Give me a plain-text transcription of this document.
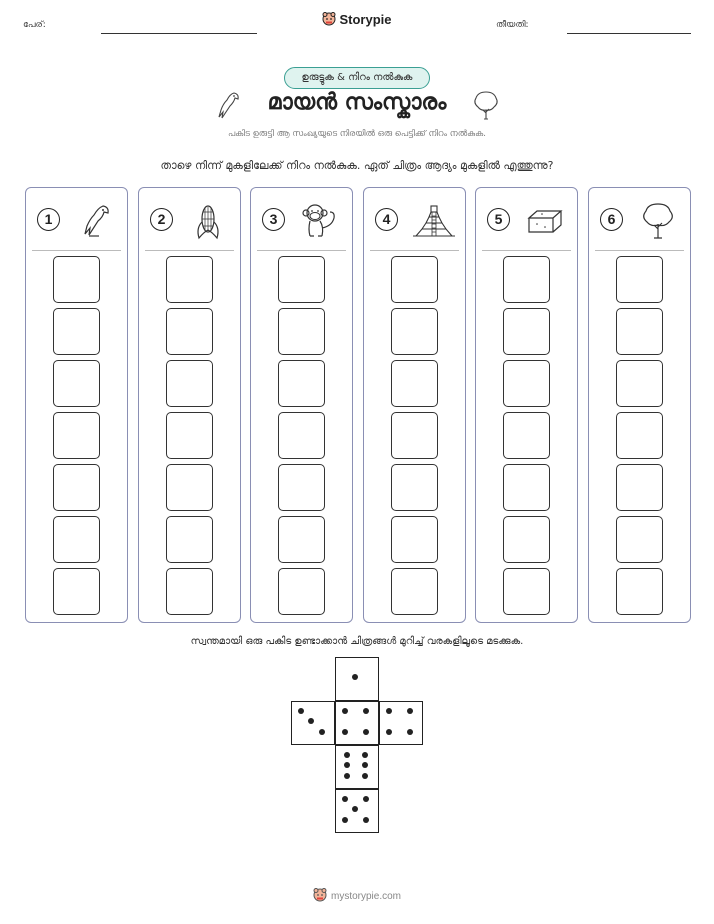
പേര്:	Storypie	തീയതി:
ഉരുട്ടുക & നിറം നൽകുക
മായൻ സംസ്കാരം
പകിട ഉരുട്ടി ആ സംഖ്യയുടെ നിരയിൽ ഒരു പെട്ടിക്ക് നിറം നൽകുക.
താഴെ നിന്ന് മുകളിലേക്ക് നിറം നൽകുക. ഏത് ചിത്രം ആദ്യം മുകളിൽ എത്തുന്നു?
1	2	3	4	5	6
സ്വന്തമായി ഒരു പകിട ഉണ്ടാക്കാൻ ചിത്രങ്ങൾ മുറിച്ച് വരകളിലൂടെ മടക്കുക.
mystorypie.com
